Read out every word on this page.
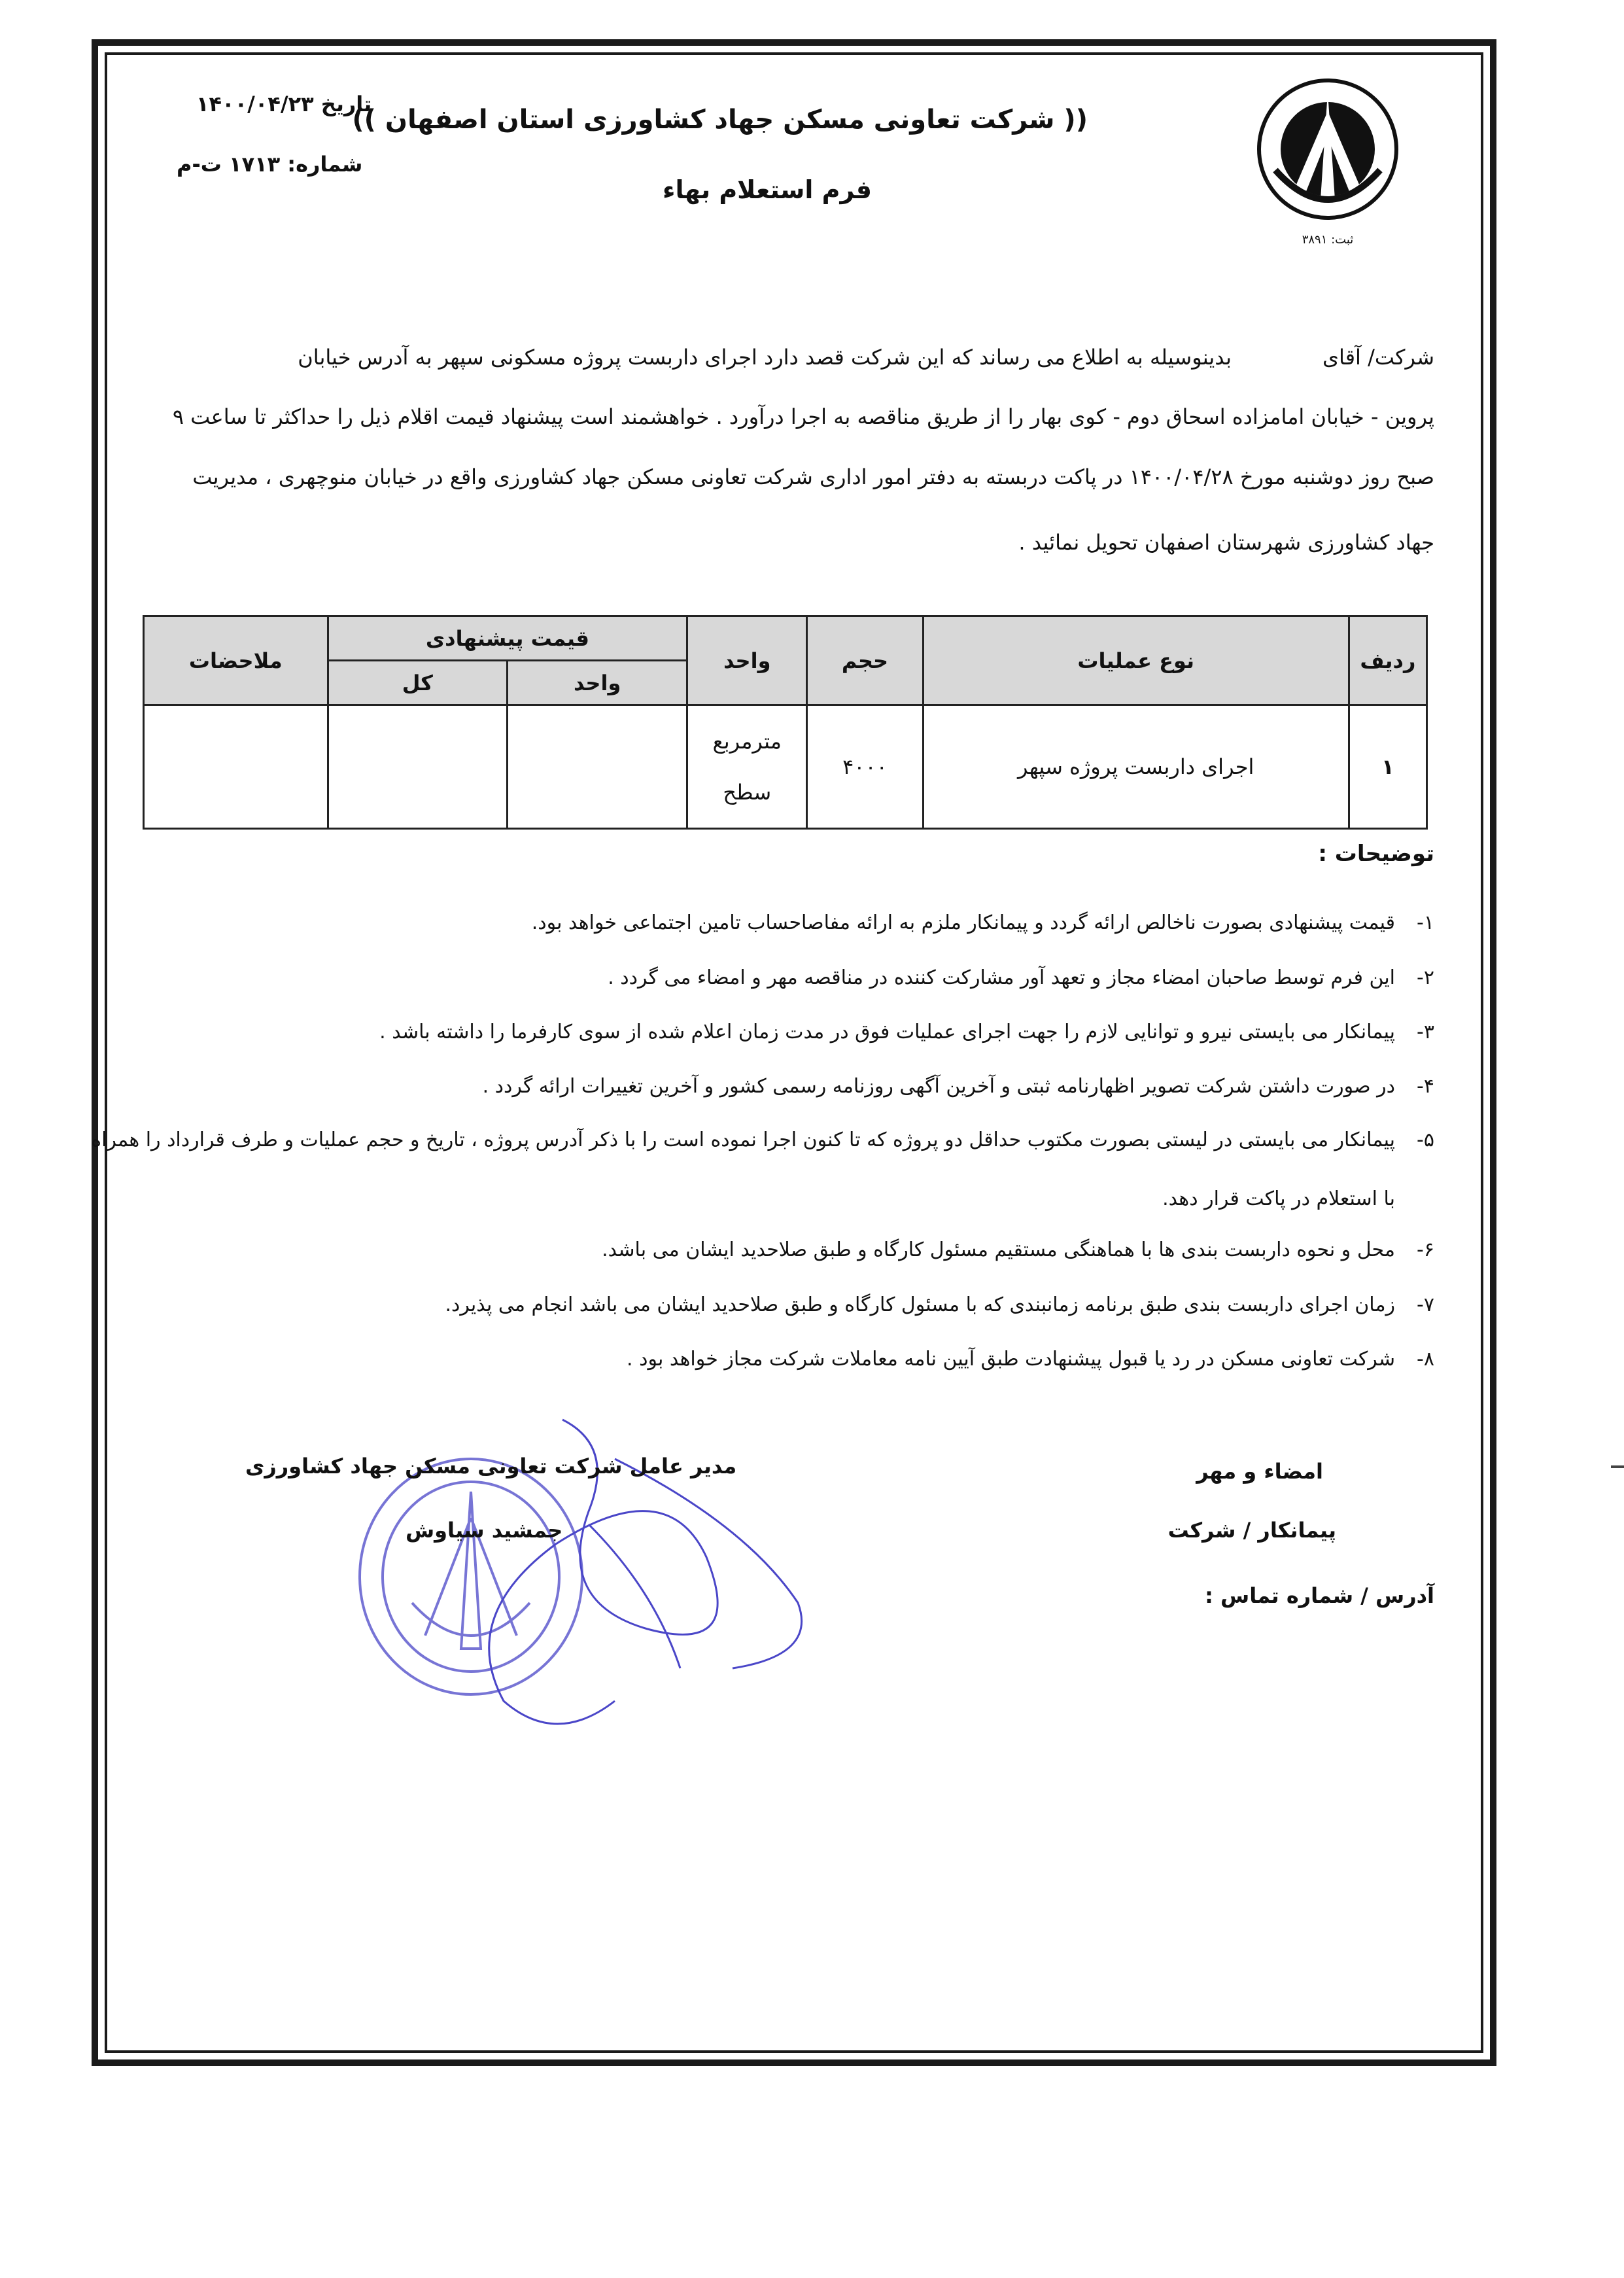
ثبت: ۳۸۹۱
(( شرکت تعاونی مسکن جهاد کشاورزی استان اصفهان ))
فرم استعلام بهاء
تاریخ ۱۴۰۰/۰۴/۲۳
شماره: ۱۷۱۳ ت-م
شرکت/ آقای
بدینوسیله به اطلاع می رساند که این شرکت قصد دارد اجرای داربست پروژه مسکونی سپهر به آدرس خیابان
پروین - خیابان امامزاده اسحاق دوم - کوی بهار را از طریق مناقصه به اجرا درآورد . خواهشمند است پیشنهاد قیمت اقلام ذیل را حداکثر تا ساعت ۹
صبح روز دوشنبه مورخ ۱۴۰۰/۰۴/۲۸ در پاکت دربسته به دفتر امور اداری شرکت تعاونی مسکن جهاد کشاورزی واقع در خیابان منوچهری ، مدیریت
جهاد کشاورزی شهرستان اصفهان تحویل نمائید .
ردیف	نوع عملیات	حجم	واحد	قیمت پیشنهادی		ملاحضات
				واحد	کل	
۱	اجرای داربست پروژه سپهر	۴۰۰۰	مترمربع
سطح			

توضیحات :
۱-قیمت پیشنهادی بصورت ناخالص ارائه گردد و پیمانکار ملزم به ارائه مفاصاحساب تامین اجتماعی خواهد بود.
۲-این فرم توسط صاحبان امضاء مجاز و تعهد آور مشارکت کننده در مناقصه مهر و امضاء می گردد .
۳-پیمانکار می بایستی نیرو و توانایی لازم را جهت اجرای عملیات فوق در مدت زمان اعلام شده از سوی کارفرما را داشته باشد .
۴-در صورت داشتن شرکت تصویر اظهارنامه ثبتی و آخرین آگهی روزنامه رسمی کشور و آخرین تغییرات ارائه گردد .
۵-پیمانکار می بایستی در لیستی بصورت مکتوب حداقل دو پروژه که تا کنون اجرا نموده است را با ذکر آدرس پروژه ، تاریخ و حجم عملیات و طرف قرارداد را همراه
با استعلام در پاکت قرار دهد.
۶-محل و نحوه داربست بندی ها با هماهنگی مستقیم مسئول کارگاه و طبق صلاحدید ایشان می باشد.
۷-زمان اجرای داربست بندی طبق برنامه زمانبندی که با مسئول کارگاه و طبق صلاحدید ایشان می باشد انجام می پذیرد.
۸-شرکت تعاونی مسکن در رد یا قبول پیشنهادت طبق آیین نامه معاملات شرکت مجاز خواهد بود .
امضاء و مهر
پیمانکار / شرکت
آدرس / شماره تماس :
مدیر عامل شرکت تعاونی مسکن جهاد کشاورزی
جمشید سیاوش
